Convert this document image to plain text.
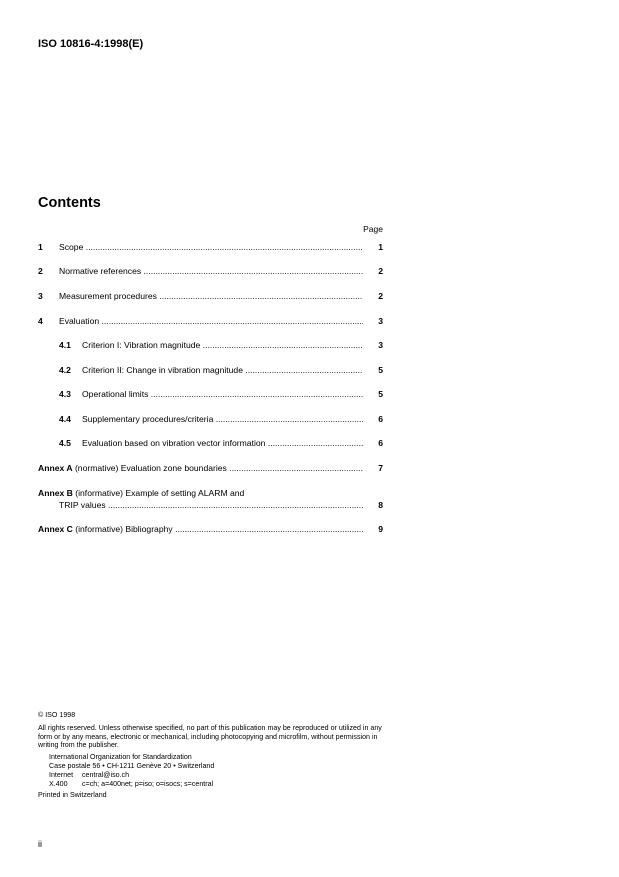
ISO 10816-4:1998(E)
Contents
Page
1 Scope .....	1
2 Normative references .....	2
3 Measurement procedures .....	2
4 Evaluation .....	3
4.1 Criterion I: Vibration magnitude .....	3
4.2 Criterion II: Change in vibration magnitude .....	5
4.3 Operational limits .....	5
4.4 Supplementary procedures/criteria .....	6
4.5 Evaluation based on vibration vector information .....	6
Annex A (normative) Evaluation zone boundaries .....	7
Annex B (informative) Example of setting ALARM and
TRIP values .....	8
Annex C (informative) Bibliography .....	9

© ISO 1998

All rights reserved. Unless otherwise specified, no part of this publication may be reproduced or utilized in any form or by any means, electronic or mechanical, including photocopying and microfilm, without permission in writing from the publisher.

International Organization for Standardization
Case postale 56 • CH-1211 Genève 20 • Switzerland
Internet central@iso.ch
X.400 c=ch; a=400net; p=iso; o=isocs; s=central

Printed in Switzerland

ii
